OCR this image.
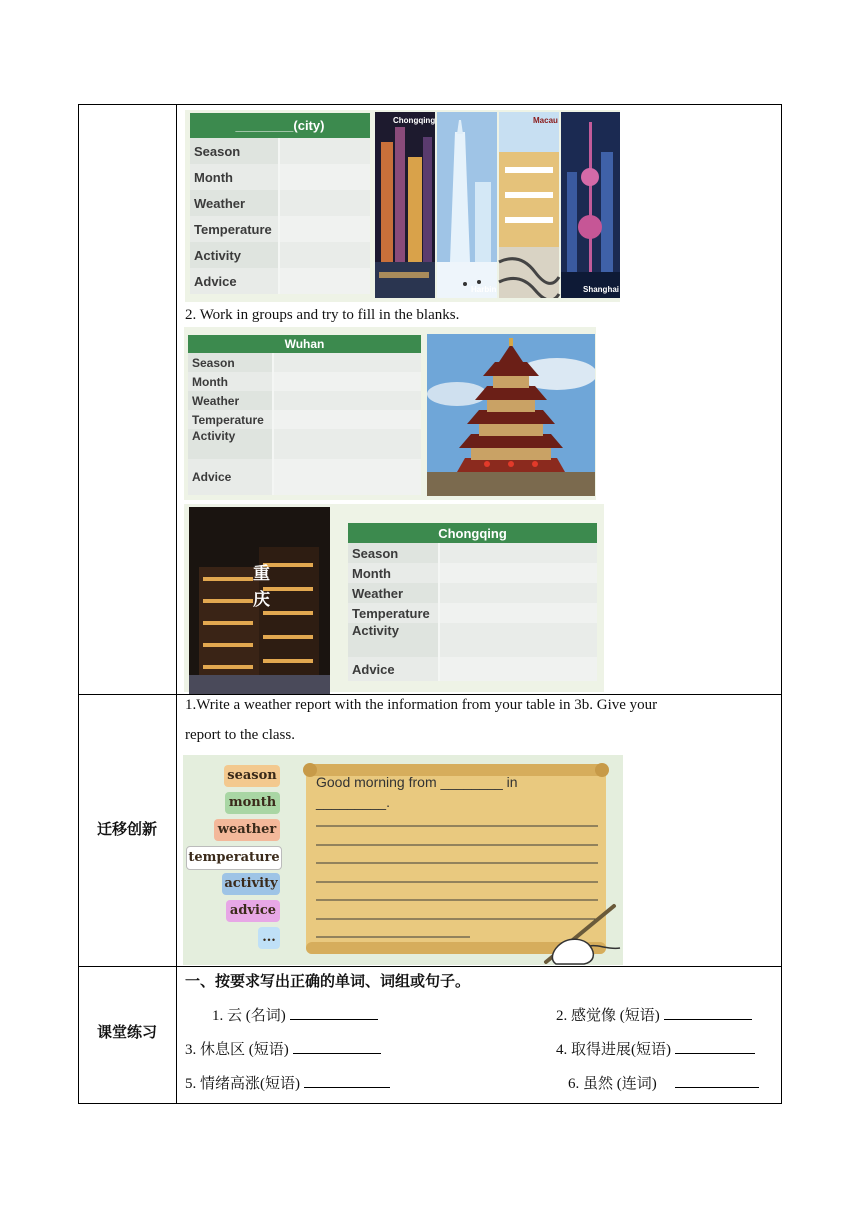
________(city)	
Season	
Month	
Weather	
Temperature	
Activity	
Advice	
Chongqing
Harbin
Macau
Shanghai
2. Work in groups and try to fill in the blanks.
Wuhan	
Season	
Month	
Weather	
Temperature	
Activity	
Advice	
重
庆
Chongqing	
Season	
Month	
Weather	
Temperature	
Activity	
Advice	
迁移创新
1.Write a weather report with the information from your table in 3b. Give your
report to the class.
season
month
weather
temperature
activity
advice
...
Good morning from ________ in
_________.
课堂练习
一、按要求写出正确的单词、词组或句子。
1. 云 (名词)	2. 感觉像 (短语)
3. 休息区 (短语)	4. 取得进展(短语)
5. 情绪高涨(短语)	6. 虽然 (连词)
